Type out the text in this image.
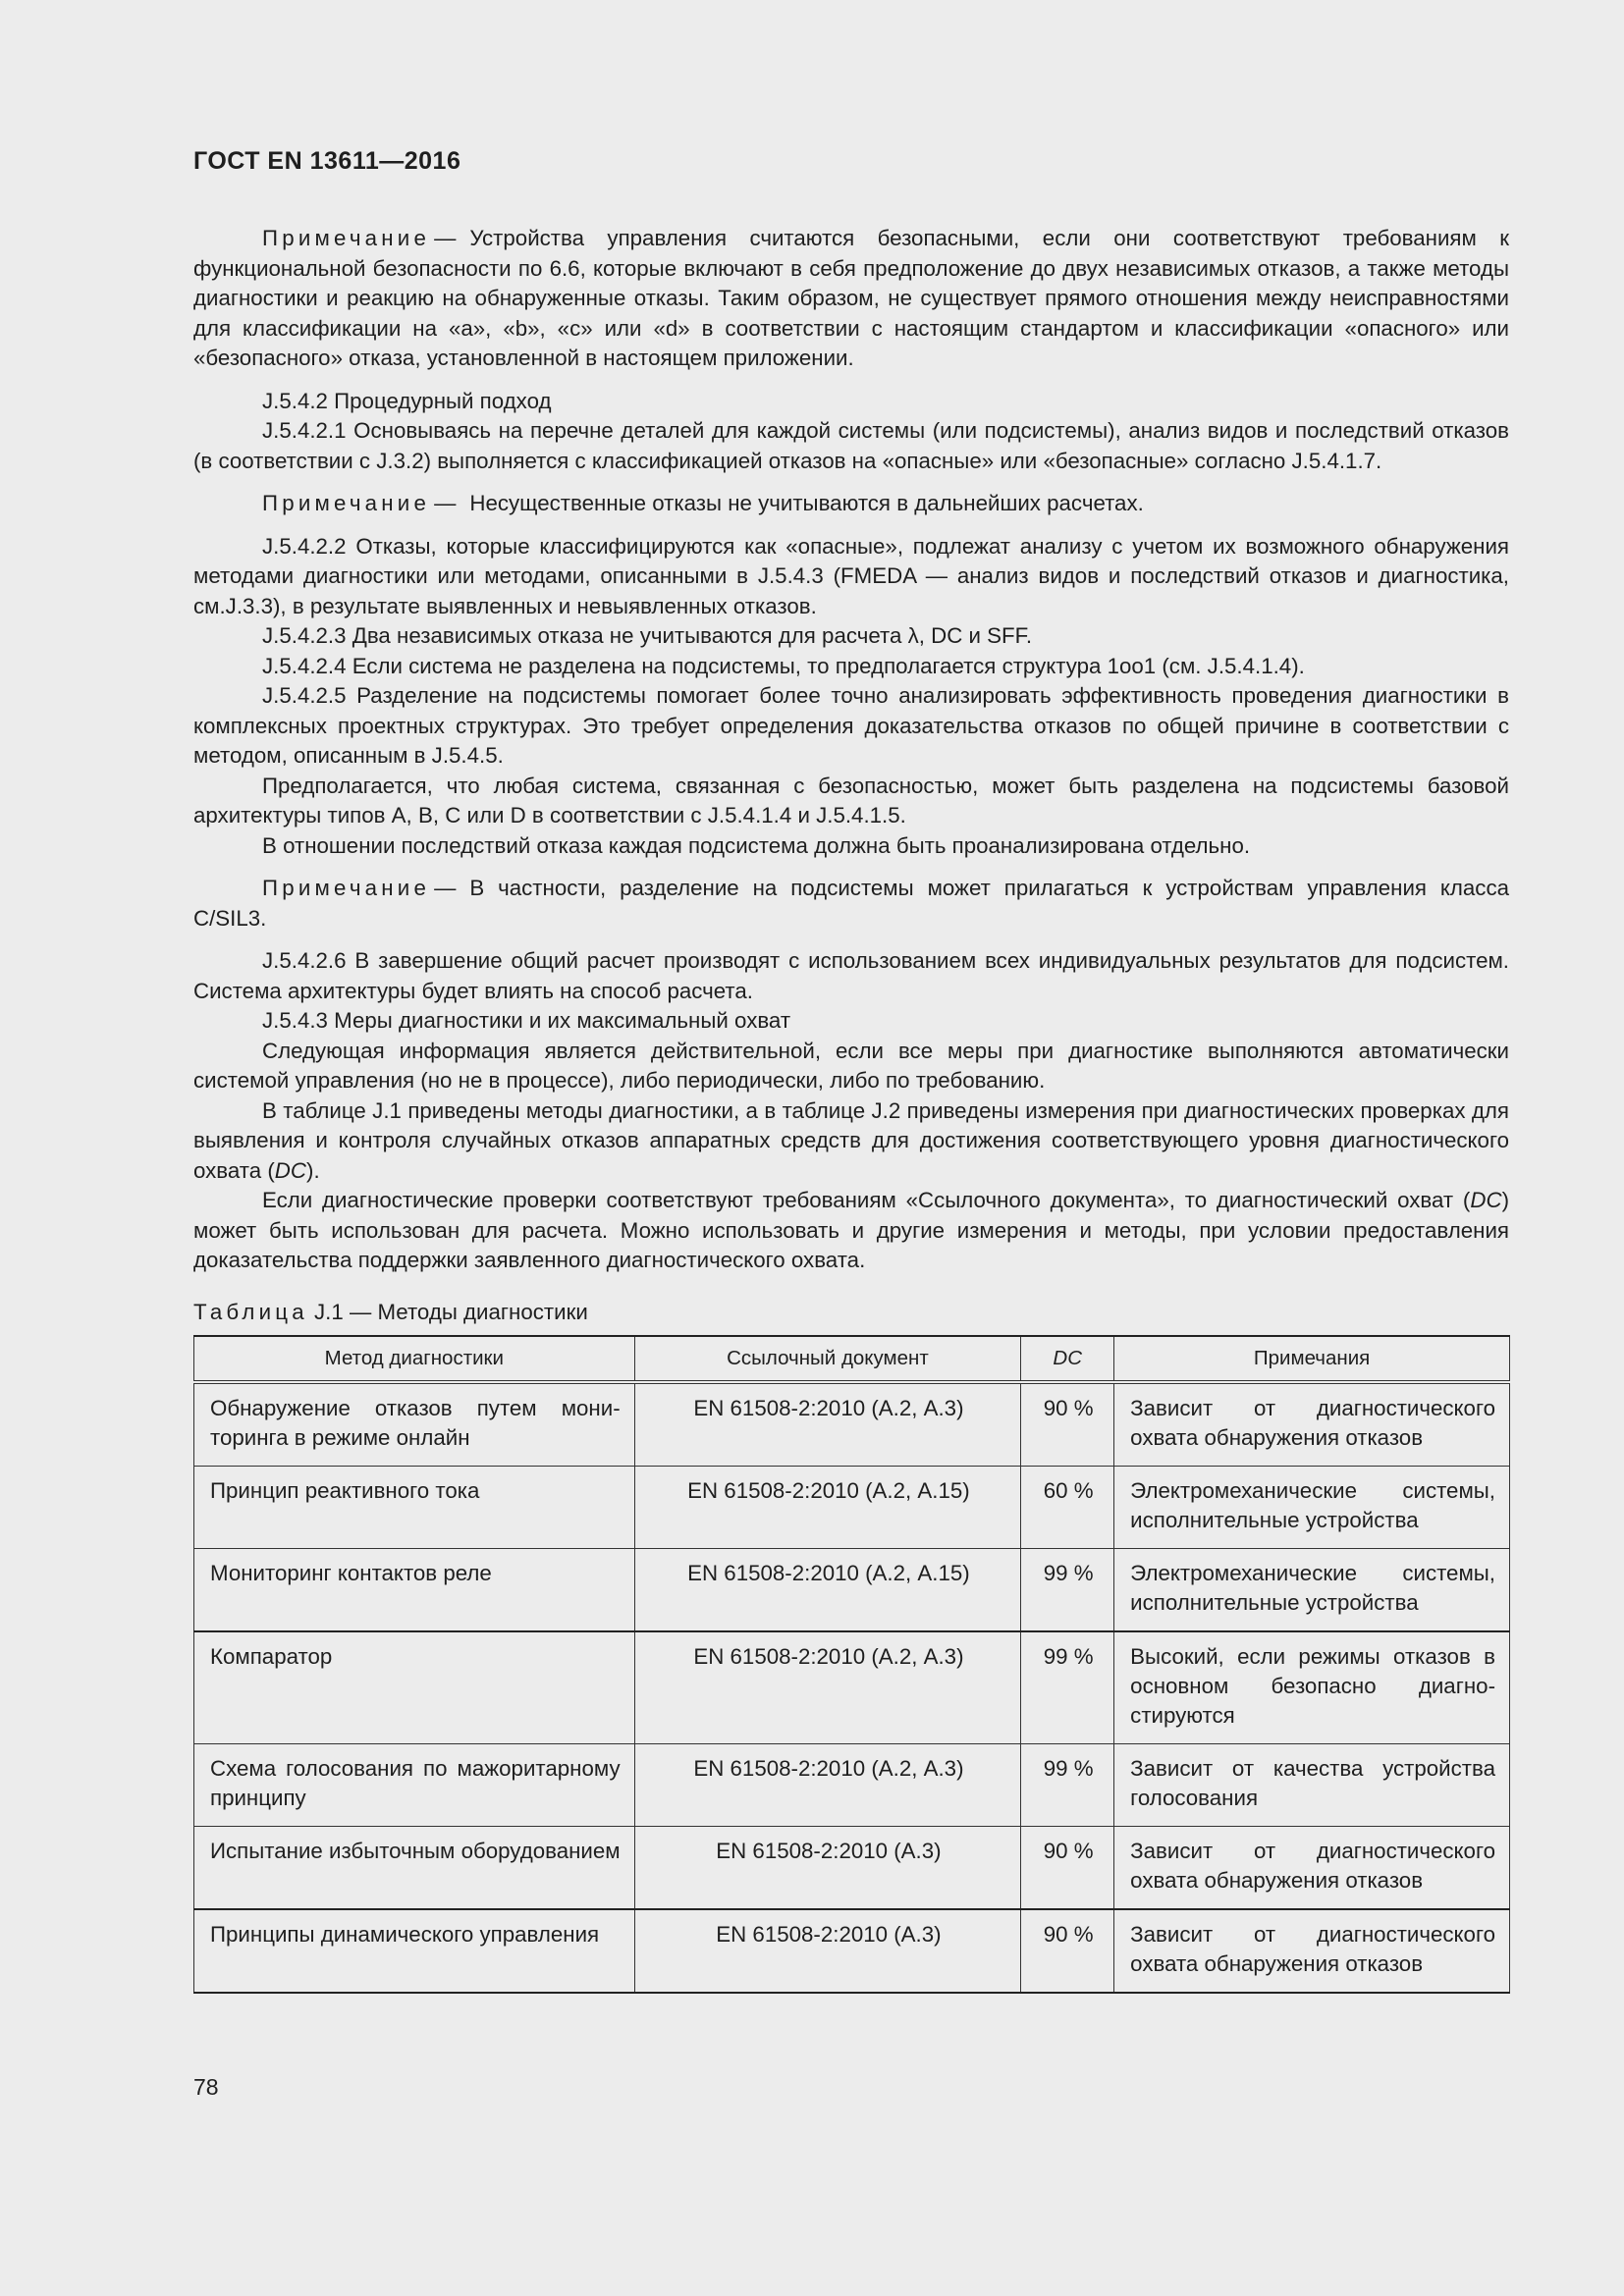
ГОСТ EN 13611—2016

Примечание — Устройства управления считаются безопасными, если они соответствуют требованиям к функциональной безопасности по 6.6, которые включают в себя предположение до двух независимых отказов, а также методы диагностики и реакцию на обнаруженные отказы. Таким образом, не существует прямого отношения между неисправностями для классификации на «а», «b», «с» или «d» в соответствии с настоящим стандартом и классификации «опасного» или «безопасного» отказа, установленной в настоящем приложении.

J.5.4.2 Процедурный подход

J.5.4.2.1 Основываясь на перечне деталей для каждой системы (или подсистемы), анализ видов и последствий отказов (в соответствии с J.3.2) выполняется с классификацией отказов на «опасные» или «безопасные» согласно J.5.4.1.7.

Примечание — Несущественные отказы не учитываются в дальнейших расчетах.

J.5.4.2.2 Отказы, которые классифицируются как «опасные», подлежат анализу с учетом их возможного обнаружения методами диагностики или методами, описанными в J.5.4.3 (FMEDA — анализ видов и последствий отказов и диагностика, см.J.3.3), в результате выявленных и невыявленных отказов.

J.5.4.2.3 Два независимых отказа не учитываются для расчета λ, DC и SFF.

J.5.4.2.4 Если система не разделена на подсистемы, то предполагается структура 1оо1 (см. J.5.4.1.4).

J.5.4.2.5 Разделение на подсистемы помогает более точно анализировать эффективность проведения диагностики в комплексных проектных структурах. Это требует определения доказательства отказов по общей причине в соответствии с методом, описанным в J.5.4.5.

Предполагается, что любая система, связанная с безопасностью, может быть разделена на подсистемы базовой архитектуры типов А, В, С или D в соответствии с J.5.4.1.4 и J.5.4.1.5.

В отношении последствий отказа каждая подсистема должна быть проанализирована отдельно.

Примечание — В частности, разделение на подсистемы может прилагаться к устройствам управления класса C/SIL3.

J.5.4.2.6 В завершение общий расчет производят с использованием всех индивидуальных результатов для подсистем. Система архитектуры будет влиять на способ расчета.

J.5.4.3 Меры диагностики и их максимальный охват

Следующая информация является действительной, если все меры при диагностике выполняются автоматически системой управления (но не в процессе), либо периодически, либо по требованию.

В таблице J.1 приведены методы диагностики, а в таблице J.2 приведены измерения при диагностических проверках для выявления и контроля случайных отказов аппаратных средств для достижения соответствующего уровня диагностического охвата (DC).

Если диагностические проверки соответствуют требованиям «Ссылочного документа», то диагностический охват (DC) может быть использован для расчета. Можно использовать и другие измерения и методы, при условии предоставления доказательства поддержки заявленного диагностического охвата.

Таблица J.1 — Методы диагностики

Метод диагностики	Ссылочный документ	DC	Примечания
Обнаружение отказов путем мониторинга в режиме онлайн	EN 61508-2:2010 (А.2, А.3)	90 %	Зависит от диагностического охвата обнаружения отказов
Принцип реактивного тока	EN 61508-2:2010 (А.2, А.15)	60 %	Электромеханические системы, исполнительные устройства
Мониторинг контактов реле	EN 61508-2:2010 (А.2, А.15)	99 %	Электромеханические системы, исполнительные устройства
Компаратор	EN 61508-2:2010 (А.2, А.3)	99 %	Высокий, если режимы отказов в основном безопасно диагностируются
Схема голосования по мажоритарному принципу	EN 61508-2:2010 (А.2, А.3)	99 %	Зависит от качества устройства голосования
Испытание избыточным оборудованием	EN 61508-2:2010 (А.3)	90 %	Зависит от диагностического охвата обнаружения отказов
Принципы динамического управления	EN 61508-2:2010 (А.3)	90 %	Зависит от диагностического охвата обнаружения отказов
78
